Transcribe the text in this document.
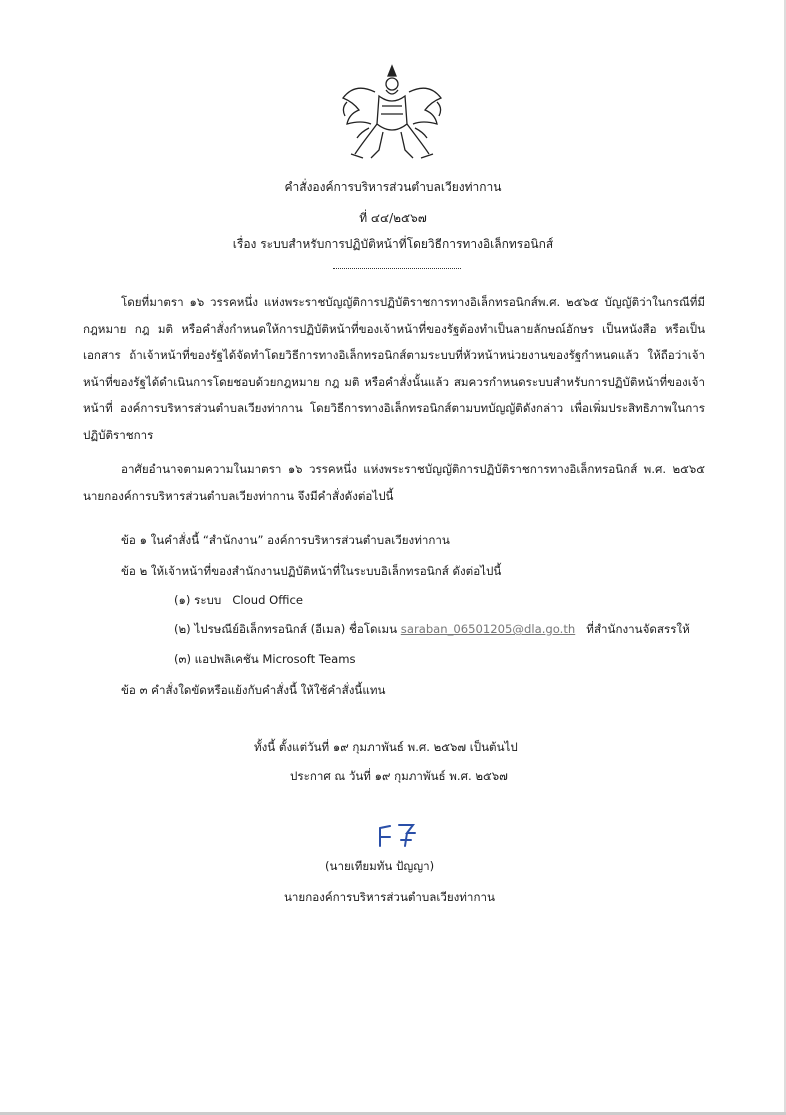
คำสั่งองค์การบริหารส่วนตำบลเวียงท่ากาน
ที่ ๔๔/๒๕๖๗
เรื่อง ระบบสำหรับการปฏิบัติหน้าที่โดยวิธีการทางอิเล็กทรอนิกส์
โดยที่มาตรา ๑๖ วรรคหนึ่ง แห่งพระราชบัญญัติการปฏิบัติราชการทางอิเล็กทรอนิกส์พ.ศ. ๒๕๖๕ บัญญัติว่าในกรณีที่มีกฎหมาย กฎ มติ หรือคำสั่งกำหนดให้การปฏิบัติหน้าที่ของเจ้าหน้าที่ของรัฐต้องทำเป็นลายลักษณ์อักษร เป็นหนังสือ หรือเป็นเอกสาร ถ้าเจ้าหน้าที่ของรัฐได้จัดทำโดยวิธีการทางอิเล็กทรอนิกส์ตามระบบที่หัวหน้าหน่วยงานของรัฐกำหนดแล้ว ให้ถือว่าเจ้าหน้าที่ของรัฐได้ดำเนินการโดยชอบด้วยกฎหมาย กฎ มติ หรือคำสั่งนั้นแล้ว สมควรกำหนดระบบสำหรับการปฏิบัติหน้าที่ของเจ้าหน้าที่ องค์การบริหารส่วนตำบลเวียงท่ากาน โดยวิธีการทางอิเล็กทรอนิกส์ตามบทบัญญัติดังกล่าว เพื่อเพิ่มประสิทธิภาพในการปฏิบัติราชการ
อาศัยอำนาจตามความในมาตรา ๑๖ วรรคหนึ่ง แห่งพระราชบัญญัติการปฏิบัติราชการทางอิเล็กทรอนิกส์ พ.ศ. ๒๕๖๕ นายกองค์การบริหารส่วนตำบลเวียงท่ากาน จึงมีคำสั่งดังต่อไปนี้
ข้อ ๑ ในคำสั่งนี้ “สำนักงาน” องค์การบริหารส่วนตำบลเวียงท่ากาน
ข้อ ๒ ให้เจ้าหน้าที่ของสำนักงานปฏิบัติหน้าที่ในระบบอิเล็กทรอนิกส์ ดังต่อไปนี้
(๑) ระบบ Cloud Office
(๒) ไปรษณีย์อิเล็กทรอนิกส์ (อีเมล) ชื่อโดเมน saraban_06501205@dla.go.th ที่สำนักงานจัดสรรให้
(๓) แอปพลิเคชัน Microsoft Teams
ข้อ ๓ คำสั่งใดขัดหรือแย้งกับคำสั่งนี้ ให้ใช้คำสั่งนี้แทน
ทั้งนี้ ตั้งแต่วันที่ ๑๙ กุมภาพันธ์ พ.ศ. ๒๕๖๗ เป็นต้นไป
ประกาศ ณ วันที่ ๑๙ กุมภาพันธ์ พ.ศ. ๒๕๖๗
(นายเทียมทัน ปัญญา)
นายกองค์การบริหารส่วนตำบลเวียงท่ากาน
